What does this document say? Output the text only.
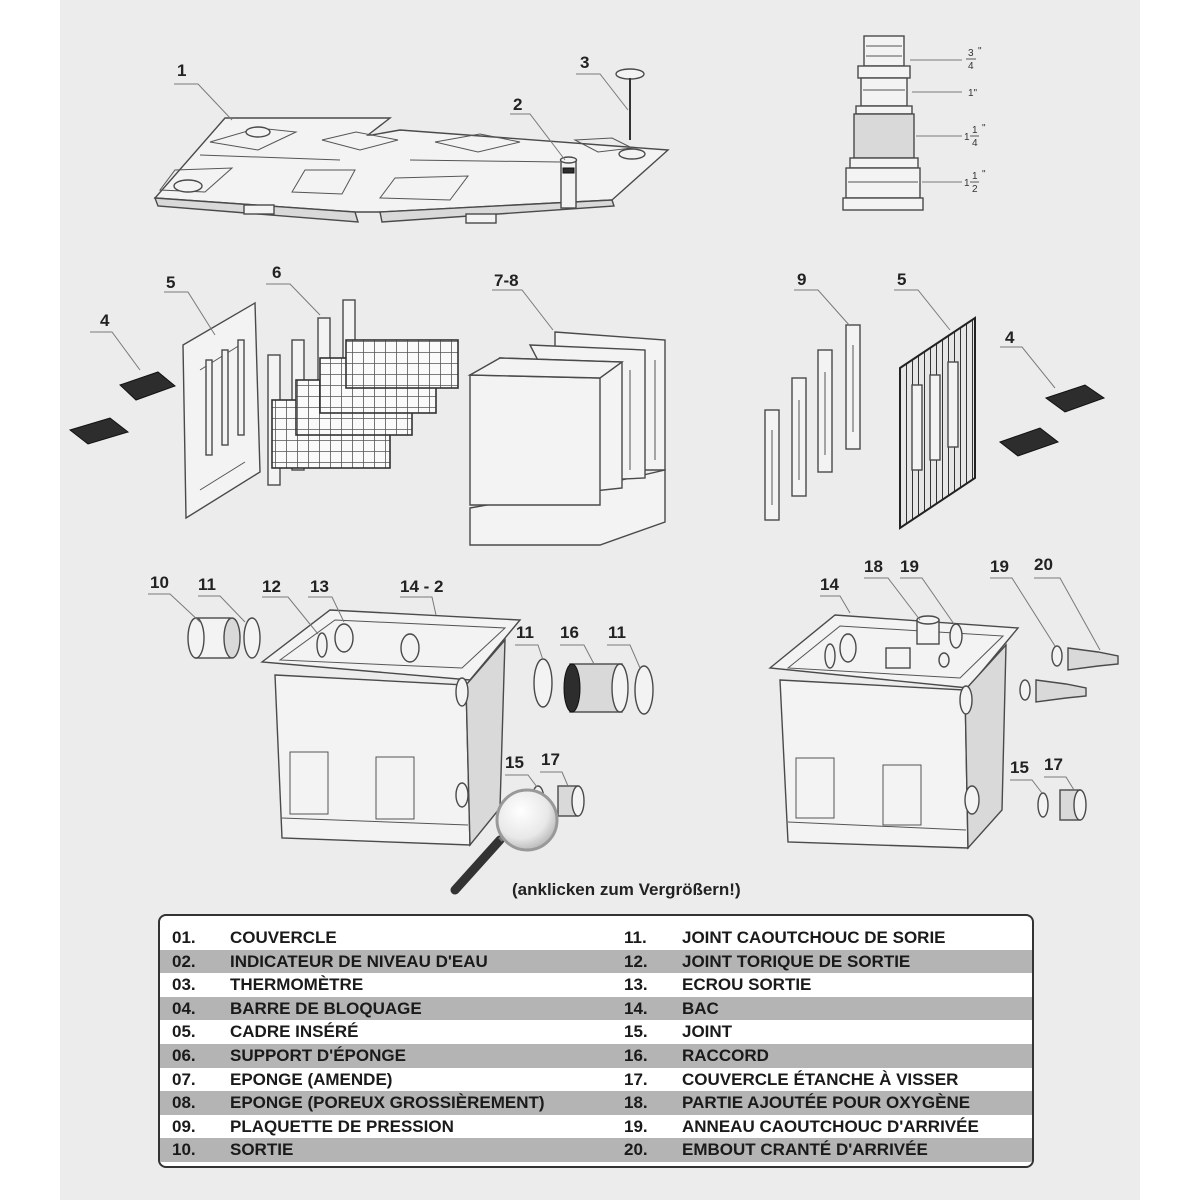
1
2
3
4
5
6	7-8	9	5
4
10 11	12 13	14 - 2
11 16 11
15 17
14
18 19	19 20
15 17
3
4
"
1"
1
1
4
"
1
1
2
"
(anklicken zum Vergrößern!)
01. COUVERCLE
02. INDICATEUR DE NIVEAU D'EAU
03. THERMOMÈTRE
04. BARRE DE BLOQUAGE
05. CADRE INSÉRÉ
06. SUPPORT D'ÉPONGE
07. EPONGE (AMENDE)
08. EPONGE (POREUX GROSSIÈREMENT)
09. PLAQUETTE DE PRESSION
10. SORTIE
11. JOINT CAOUTCHOUC DE SORIE
12. JOINT TORIQUE DE SORTIE
13. ECROU SORTIE
14. BAC
15. JOINT
16. RACCORD
17. COUVERCLE ÉTANCHE À VISSER
18. PARTIE AJOUTÉE POUR OXYGÈNE
19. ANNEAU CAOUTCHOUC D'ARRIVÉE
20. EMBOUT CRANTÉ D'ARRIVÉE
